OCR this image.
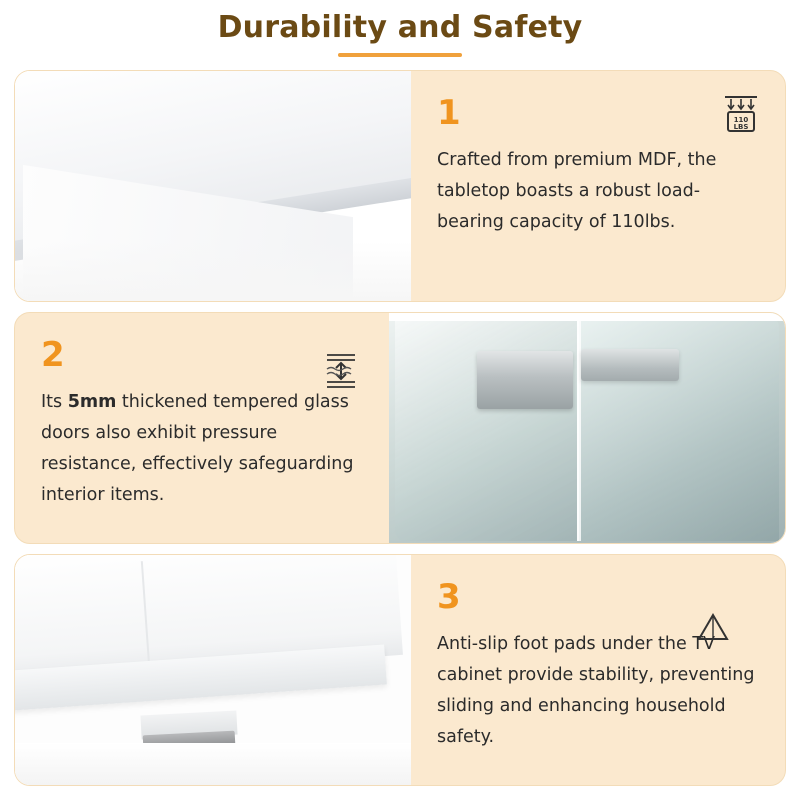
Durability and Safety
1
Crafted from premium MDF, the tabletop boasts a robust load-bearing capacity of 110lbs.
110
LBS
2
Its 5mm thickened tempered glass doors also exhibit pressure resistance, effectively safeguarding interior items.
3
Anti-slip foot pads under the TV cabinet provide stability, preventing sliding and enhancing household safety.
